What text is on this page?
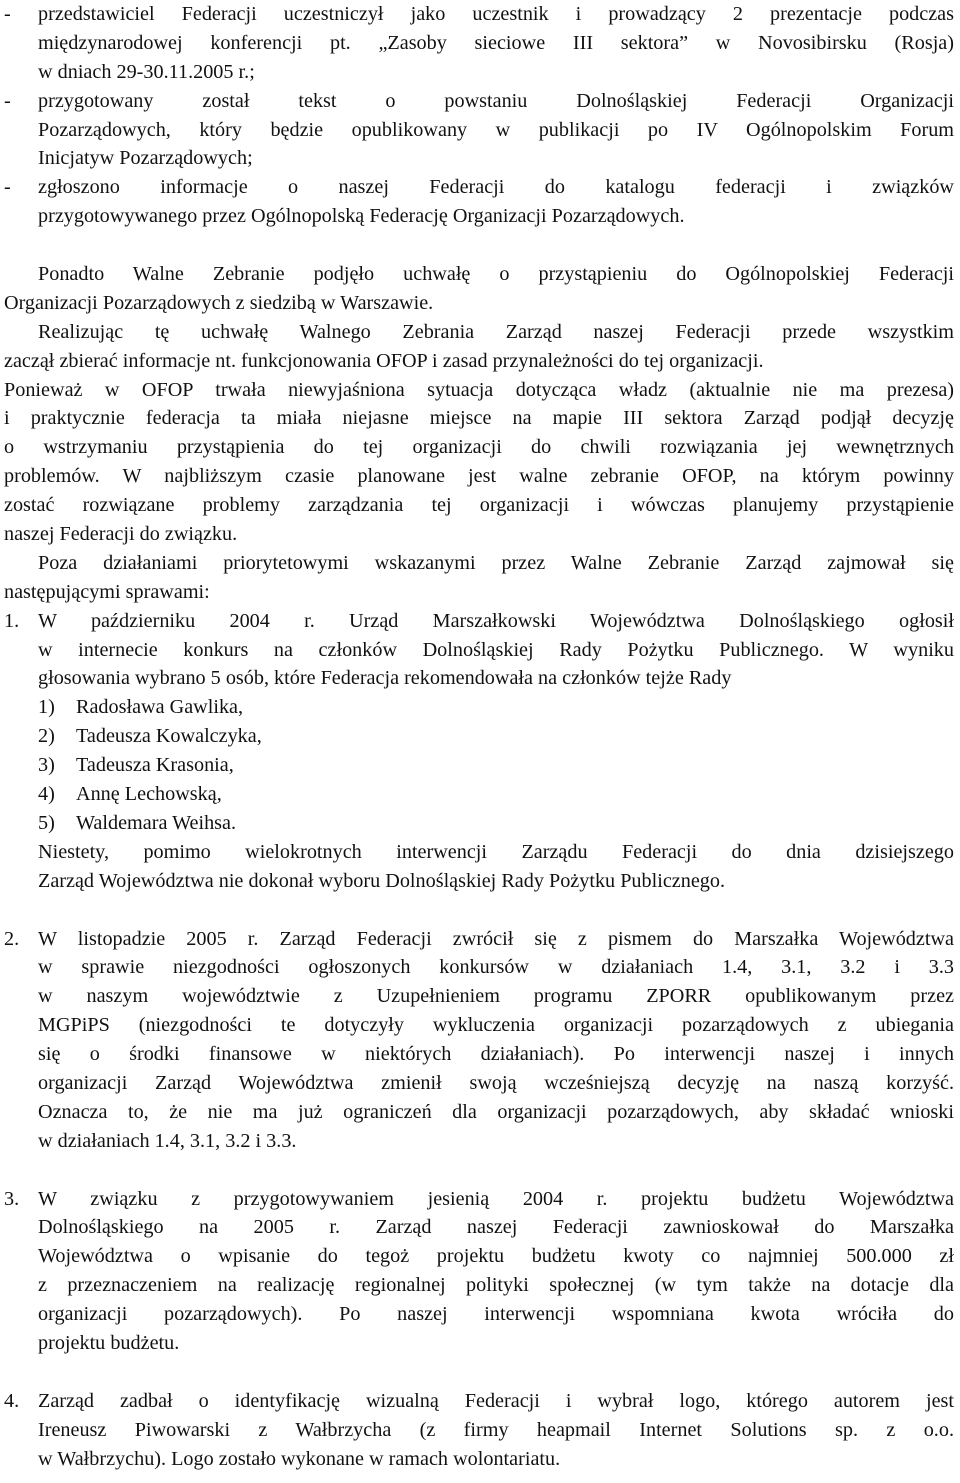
- przedstawiciel Federacji uczestniczył jako uczestnik i prowadzący 2 prezentacje podczas
międzynarodowej konferencji pt. „Zasoby sieciowe III sektora” w Novosibirsku (Rosja)
w dniach 29-30.11.2005 r.;
- przygotowany został tekst o powstaniu Dolnośląskiej Federacji Organizacji
Pozarządowych, który będzie opublikowany w publikacji po IV Ogólnopolskim Forum
Inicjatyw Pozarządowych;
- zgłoszono informacje o naszej Federacji do katalogu federacji i związków
przygotowywanego przez Ogólnopolską Federację Organizacji Pozarządowych.
Ponadto Walne Zebranie podjęło uchwałę o przystąpieniu do Ogólnopolskiej Federacji
Organizacji Pozarządowych z siedzibą w Warszawie.
Realizując tę uchwałę Walnego Zebrania Zarząd naszej Federacji przede wszystkim
zaczął zbierać informacje nt. funkcjonowania OFOP i zasad przynależności do tej organizacji.
Ponieważ w OFOP trwała niewyjaśniona sytuacja dotycząca władz (aktualnie nie ma prezesa)
i praktycznie federacja ta miała niejasne miejsce na mapie III sektora Zarząd podjął decyzję
o wstrzymaniu przystąpienia do tej organizacji do chwili rozwiązania jej wewnętrznych
problemów. W najbliższym czasie planowane jest walne zebranie OFOP, na którym powinny
zostać rozwiązane problemy zarządzania tej organizacji i wówczas planujemy przystąpienie
naszej Federacji do związku.
Poza działaniami priorytetowymi wskazanymi przez Walne Zebranie Zarząd zajmował się
następującymi sprawami:
1. W październiku 2004 r. Urząd Marszałkowski Województwa Dolnośląskiego ogłosił
w internecie konkurs na członków Dolnośląskiej Rady Pożytku Publicznego. W wyniku
głosowania wybrano 5 osób, które Federacja rekomendowała na członków tejże Rady
1) Radosława Gawlika,
2) Tadeusza Kowalczyka,
3) Tadeusza Krasonia,
4) Annę Lechowską,
5) Waldemara Weihsa.
Niestety, pomimo wielokrotnych interwencji Zarządu Federacji do dnia dzisiejszego
Zarząd Województwa nie dokonał wyboru Dolnośląskiej Rady Pożytku Publicznego.
2. W listopadzie 2005 r. Zarząd Federacji zwrócił się z pismem do Marszałka Województwa
w sprawie niezgodności ogłoszonych konkursów w działaniach 1.4, 3.1, 3.2 i 3.3
w naszym województwie z Uzupełnieniem programu ZPORR opublikowanym przez
MGPiPS (niezgodności te dotyczyły wykluczenia organizacji pozarządowych z ubiegania
się o środki finansowe w niektórych działaniach). Po interwencji naszej i innych
organizacji Zarząd Województwa zmienił swoją wcześniejszą decyzję na naszą korzyść.
Oznacza to, że nie ma już ograniczeń dla organizacji pozarządowych, aby składać wnioski
w działaniach 1.4, 3.1, 3.2 i 3.3.
3. W związku z przygotowywaniem jesienią 2004 r. projektu budżetu Województwa
Dolnośląskiego na 2005 r. Zarząd naszej Federacji zawnioskował do Marszałka
Województwa o wpisanie do tegoż projektu budżetu kwoty co najmniej 500.000 zł
z przeznaczeniem na realizację regionalnej polityki społecznej (w tym także na dotacje dla
organizacji pozarządowych). Po naszej interwencji wspomniana kwota wróciła do
projektu budżetu.
4. Zarząd zadbał o identyfikację wizualną Federacji i wybrał logo, którego autorem jest
Ireneusz Piwowarski z Wałbrzycha (z firmy heapmail Internet Solutions sp. z o.o.
w Wałbrzychu). Logo zostało wykonane w ramach wolontariatu.
